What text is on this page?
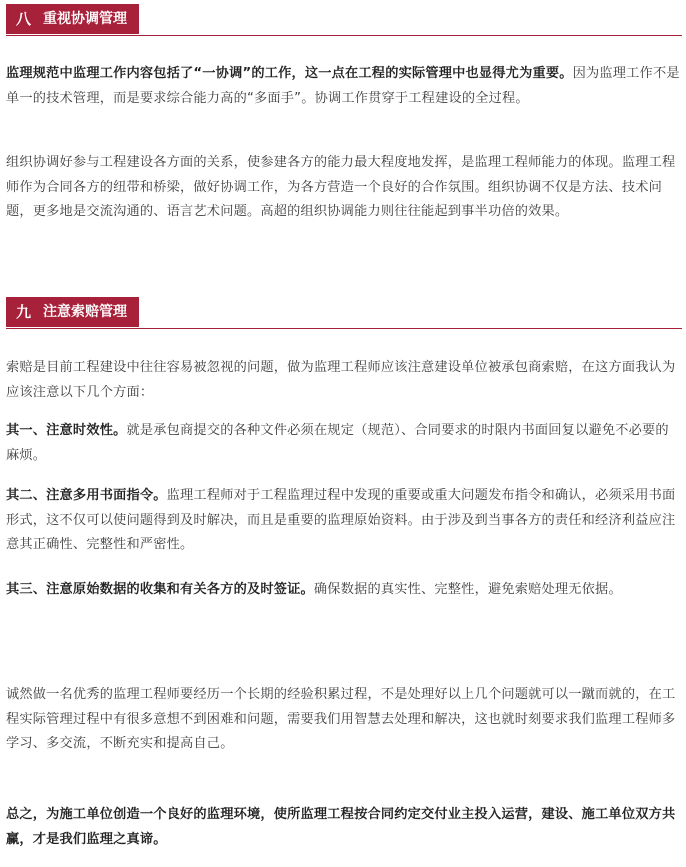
八 重视协调管理

监理规范中监理工作内容包括了“一协调”的工作，这一点在工程的实际管理中也显得尤为重要。因为监理工作不是单一的技术管理，而是要求综合能力高的“多面手”。协调工作贯穿于工程建设的全过程。

组织协调好参与工程建设各方面的关系，使参建各方的能力最大程度地发挥，是监理工程师能力的体现。监理工程师作为合同各方的纽带和桥梁，做好协调工作，为各方营造一个良好的合作氛围。组织协调不仅是方法、技术问题，更多地是交流沟通的、语言艺术问题。高超的组织协调能力则往往能起到事半功倍的效果。

九 注意索赔管理

索赔是目前工程建设中往往容易被忽视的问题，做为监理工程师应该注意建设单位被承包商索赔，在这方面我认为应该注意以下几个方面：

其一、注意时效性。就是承包商提交的各种文件必须在规定（规范）、合同要求的时限内书面回复以避免不必要的麻烦。

其二、注意多用书面指令。监理工程师对于工程监理过程中发现的重要或重大问题发布指令和确认，必须采用书面形式，这不仅可以使问题得到及时解决，而且是重要的监理原始资料。由于涉及到当事各方的责任和经济利益应注意其正确性、完整性和严密性。

其三、注意原始数据的收集和有关各方的及时签证。确保数据的真实性、完整性，避免索赔处理无依据。

诚然做一名优秀的监理工程师要经历一个长期的经验积累过程，不是处理好以上几个问题就可以一蹴而就的，在工程实际管理过程中有很多意想不到困难和问题，需要我们用智慧去处理和解决，这也就时刻要求我们监理工程师多学习、多交流，不断充实和提高自己。

总之，为施工单位创造一个良好的监理环境，使所监理工程按合同约定交付业主投入运营，建设、施工单位双方共赢，才是我们监理之真谛。
